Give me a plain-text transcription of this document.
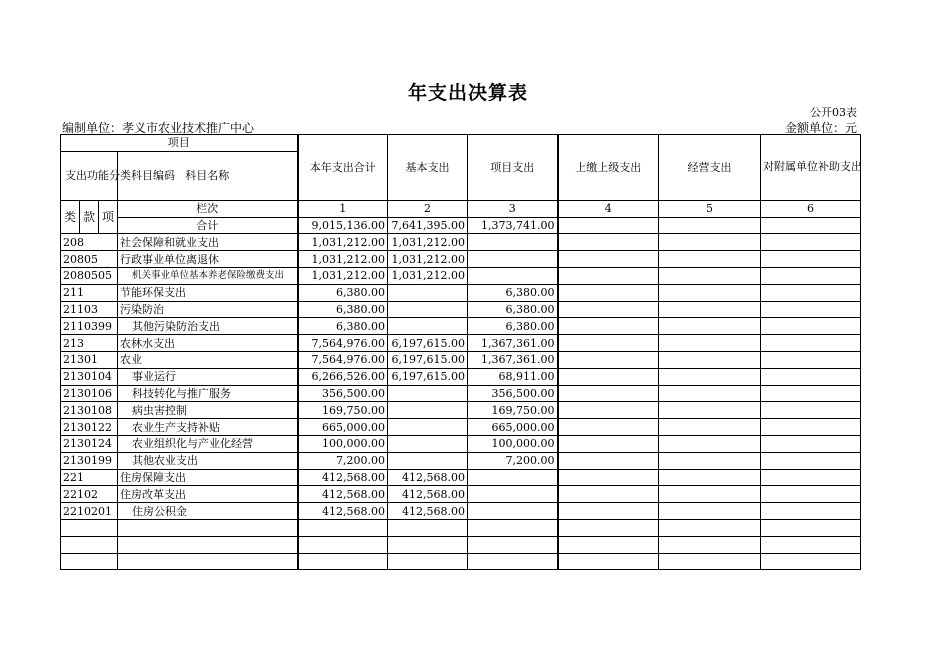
年支出决算表
公开03表
编制单位：孝义市农业技术推广中心	金额单位：元
项目				本年支出合计	基本支出	项目支出	上缴上级支出	经营支出	对附属单位补助支出
支出功能分类科目编码			科目名称						

类	款	项	栏次	1	2	3	4	5	6
			合计	9,015,136.00	7,641,395.00	1,373,741.00			
208			社会保障和就业支出	1,031,212.00	1,031,212.00				
20805			行政事业单位离退休	1,031,212.00	1,031,212.00				
2080505			机关事业单位基本养老保险缴费支出	1,031,212.00	1,031,212.00				
211			节能环保支出	6,380.00		6,380.00			
21103			污染防治	6,380.00		6,380.00			
2110399			其他污染防治支出	6,380.00		6,380.00			
213			农林水支出	7,564,976.00	6,197,615.00	1,367,361.00			
21301			农业	7,564,976.00	6,197,615.00	1,367,361.00			
2130104			事业运行	6,266,526.00	6,197,615.00	68,911.00			
2130106			科技转化与推广服务	356,500.00		356,500.00			
2130108			病虫害控制	169,750.00		169,750.00			
2130122			农业生产支持补贴	665,000.00		665,000.00			
2130124			农业组织化与产业化经营	100,000.00		100,000.00			
2130199			其他农业支出	7,200.00		7,200.00			
221			住房保障支出	412,568.00	412,568.00				
22102			住房改革支出	412,568.00	412,568.00				
2210201			住房公积金	412,568.00	412,568.00				
